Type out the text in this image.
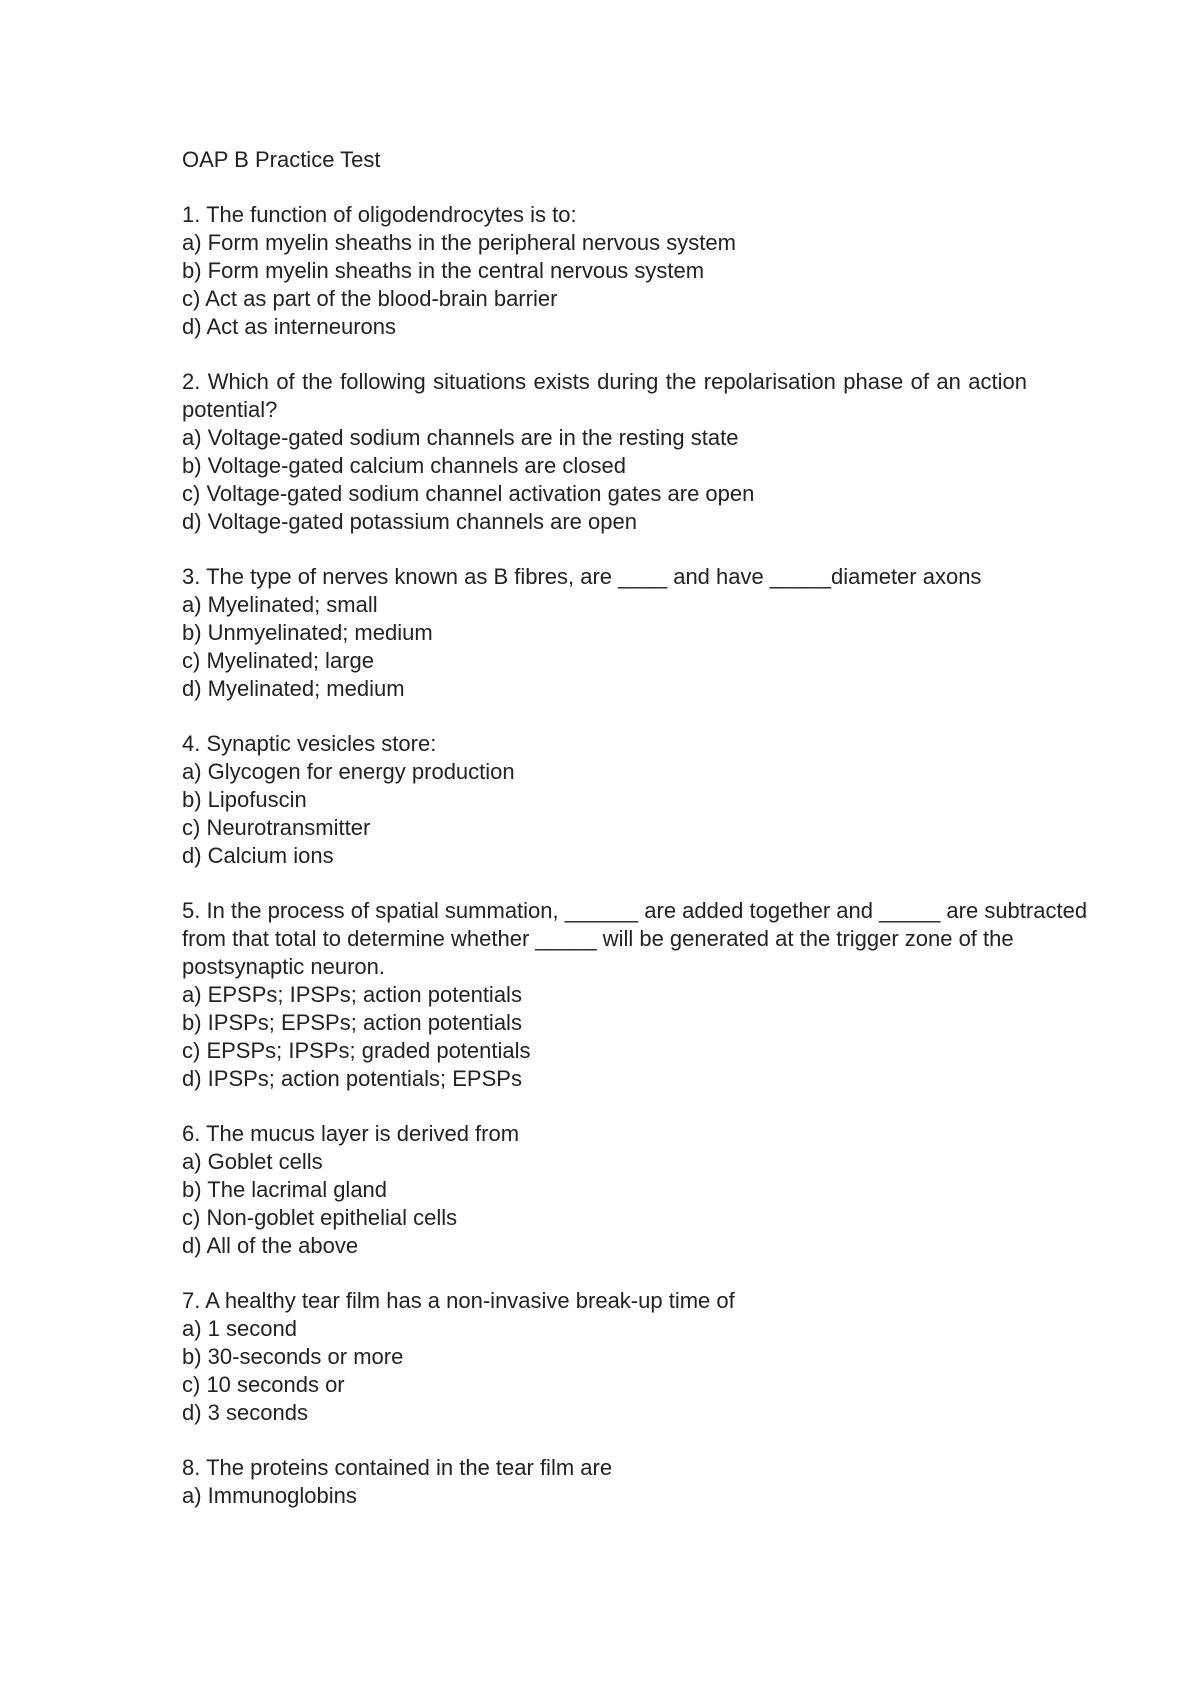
OAP B Practice Test
1. The function of oligodendrocytes is to:
a) Form myelin sheaths in the peripheral nervous system
b) Form myelin sheaths in the central nervous system
c) Act as part of the blood-brain barrier
d) Act as interneurons
2. Which of the following situations exists during the repolarisation phase of an action potential?
a) Voltage-gated sodium channels are in the resting state
b) Voltage-gated calcium channels are closed
c) Voltage-gated sodium channel activation gates are open
d) Voltage-gated potassium channels are open
3. The type of nerves known as B fibres, are ____ and have _____diameter axons
a) Myelinated; small
b) Unmyelinated; medium
c) Myelinated; large
d) Myelinated; medium
4. Synaptic vesicles store:
a) Glycogen for energy production
b) Lipofuscin
c) Neurotransmitter
d) Calcium ions
5. In the process of spatial summation, ______ are added together and _____ are subtracted from that total to determine whether _____ will be generated at the trigger zone of the postsynaptic neuron.
a) EPSPs; IPSPs; action potentials
b) IPSPs; EPSPs; action potentials
c) EPSPs; IPSPs; graded potentials
d) IPSPs; action potentials; EPSPs
6. The mucus layer is derived from
a) Goblet cells
b) The lacrimal gland
c) Non-goblet epithelial cells
d) All of the above
7. A healthy tear film has a non-invasive break-up time of
a) 1 second
b) 30-seconds or more
c) 10 seconds or
d) 3 seconds
8. The proteins contained in the tear film are
a) Immunoglobins
